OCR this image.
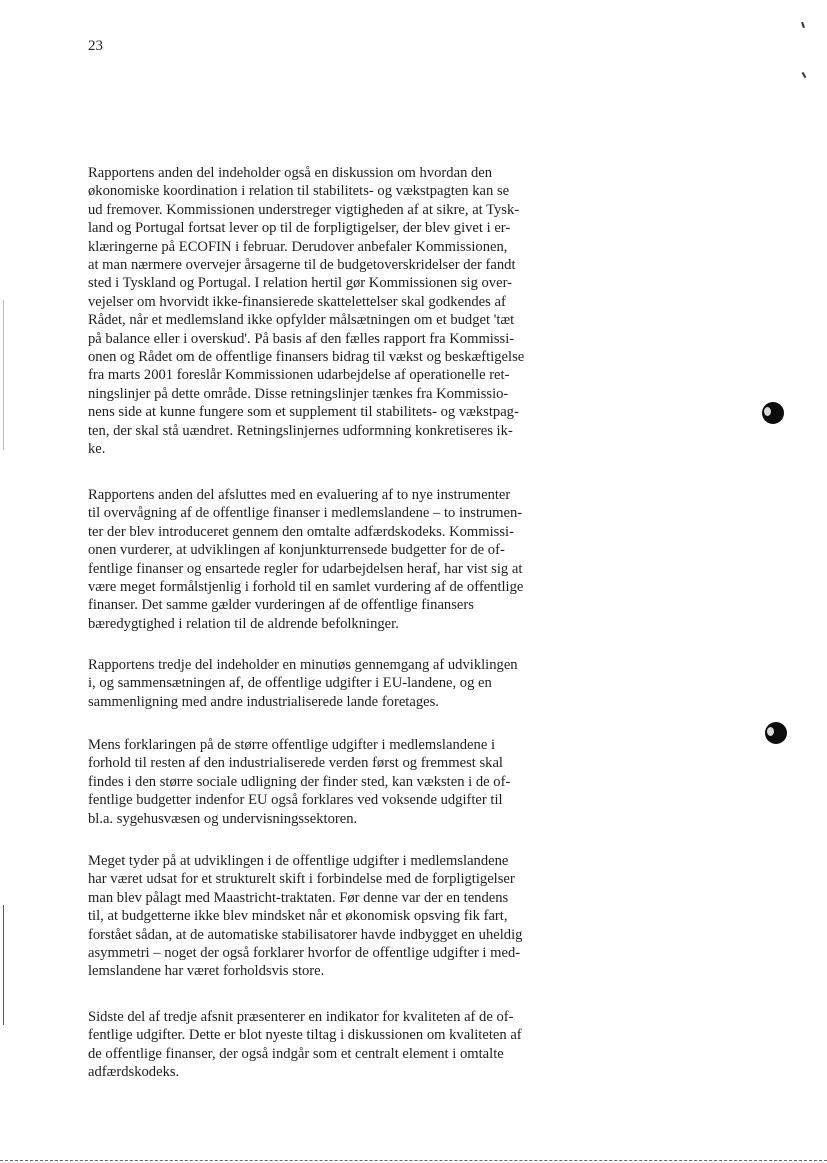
23

Rapportens anden del indeholder også en diskussion om hvordan den
økonomiske koordination i relation til stabilitets- og vækstpagten kan se
ud fremover. Kommissionen understreger vigtigheden af at sikre, at Tysk-
land og Portugal fortsat lever op til de forpligtigelser, der blev givet i er-
klæringerne på ECOFIN i februar. Derudover anbefaler Kommissionen,
at man nærmere overvejer årsagerne til de budgetoverskridelser der fandt
sted i Tyskland og Portugal. I relation hertil gør Kommissionen sig over-
vejelser om hvorvidt ikke-finansierede skattelettelser skal godkendes af
Rådet, når et medlemsland ikke opfylder målsætningen om et budget 'tæt
på balance eller i overskud'. På basis af den fælles rapport fra Kommissi-
onen og Rådet om de offentlige finansers bidrag til vækst og beskæftigelse
fra marts 2001 foreslår Kommissionen udarbejdelse af operationelle ret-
ningslinjer på dette område. Disse retningslinjer tænkes fra Kommissio-
nens side at kunne fungere som et supplement til stabilitets- og vækstpag-
ten, der skal stå uændret. Retningslinjernes udformning konkretiseres ik-
ke.

Rapportens anden del afsluttes med en evaluering af to nye instrumenter
til overvågning af de offentlige finanser i medlemslandene – to instrumen-
ter der blev introduceret gennem den omtalte adfærdskodeks. Kommissi-
onen vurderer, at udviklingen af konjunkturrensede budgetter for de of-
fentlige finanser og ensartede regler for udarbejdelsen heraf, har vist sig at
være meget formålstjenlig i forhold til en samlet vurdering af de offentlige
finanser. Det samme gælder vurderingen af de offentlige finansers
bæredygtighed i relation til de aldrende befolkninger.

Rapportens tredje del indeholder en minutiøs gennemgang af udviklingen
i, og sammensætningen af, de offentlige udgifter i EU-landene, og en
sammenligning med andre industrialiserede lande foretages.

Mens forklaringen på de større offentlige udgifter i medlemslandene i
forhold til resten af den industrialiserede verden først og fremmest skal
findes i den større sociale udligning der finder sted, kan væksten i de of-
fentlige budgetter indenfor EU også forklares ved voksende udgifter til
bl.a. sygehusvæsen og undervisningssektoren.

Meget tyder på at udviklingen i de offentlige udgifter i medlemslandene
har været udsat for et strukturelt skift i forbindelse med de forpligtigelser
man blev pålagt med Maastricht-traktaten. Før denne var der en tendens
til, at budgetterne ikke blev mindsket når et økonomisk opsving fik fart,
forstået sådan, at de automatiske stabilisatorer havde indbygget en uheldig
asymmetri – noget der også forklarer hvorfor de offentlige udgifter i med-
lemslandene har været forholdsvis store.

Sidste del af tredje afsnit præsenterer en indikator for kvaliteten af de of-
fentlige udgifter. Dette er blot nyeste tiltag i diskussionen om kvaliteten af
de offentlige finanser, der også indgår som et centralt element i omtalte
adfærdskodeks.
